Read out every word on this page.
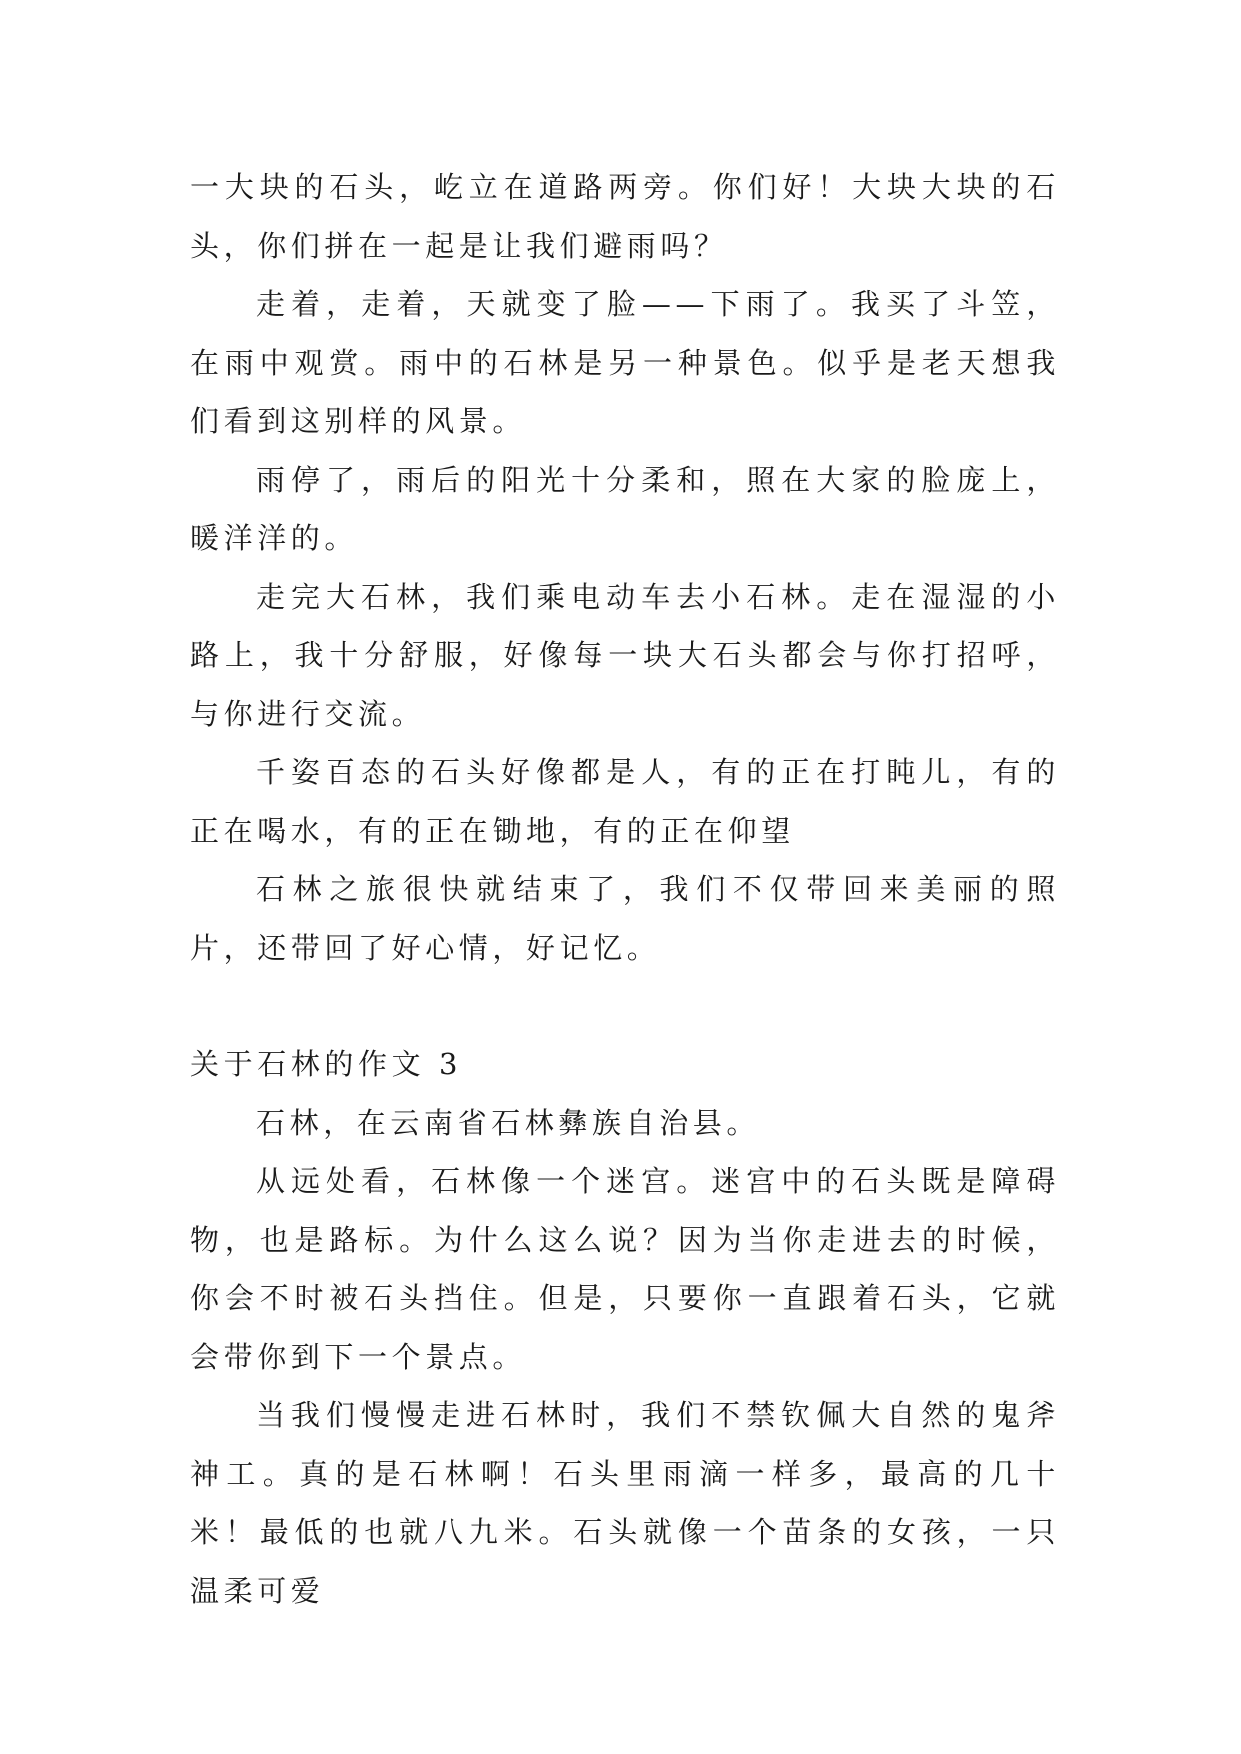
一大块的石头，屹立在道路两旁。你们好！大块大块的石头，你们拼在一起是让我们避雨吗？

走着，走着，天就变了脸——下雨了。我买了斗笠，在雨中观赏。雨中的石林是另一种景色。似乎是老天想我们看到这别样的风景。

雨停了，雨后的阳光十分柔和，照在大家的脸庞上，暖洋洋的。

走完大石林，我们乘电动车去小石林。走在湿湿的小路上，我十分舒服，好像每一块大石头都会与你打招呼，与你进行交流。

千姿百态的石头好像都是人，有的正在打盹儿，有的正在喝水，有的正在锄地，有的正在仰望

石林之旅很快就结束了，我们不仅带回来美丽的照片，还带回了好心情，好记忆。

关于石林的作文 3

石林，在云南省石林彝族自治县。

从远处看，石林像一个迷宫。迷宫中的石头既是障碍物，也是路标。为什么这么说？因为当你走进去的时候，你会不时被石头挡住。但是，只要你一直跟着石头，它就会带你到下一个景点。

当我们慢慢走进石林时，我们不禁钦佩大自然的鬼斧神工。真的是石林啊！石头里雨滴一样多，最高的几十米！最低的也就八九米。石头就像一个苗条的女孩，一只温柔可爱
